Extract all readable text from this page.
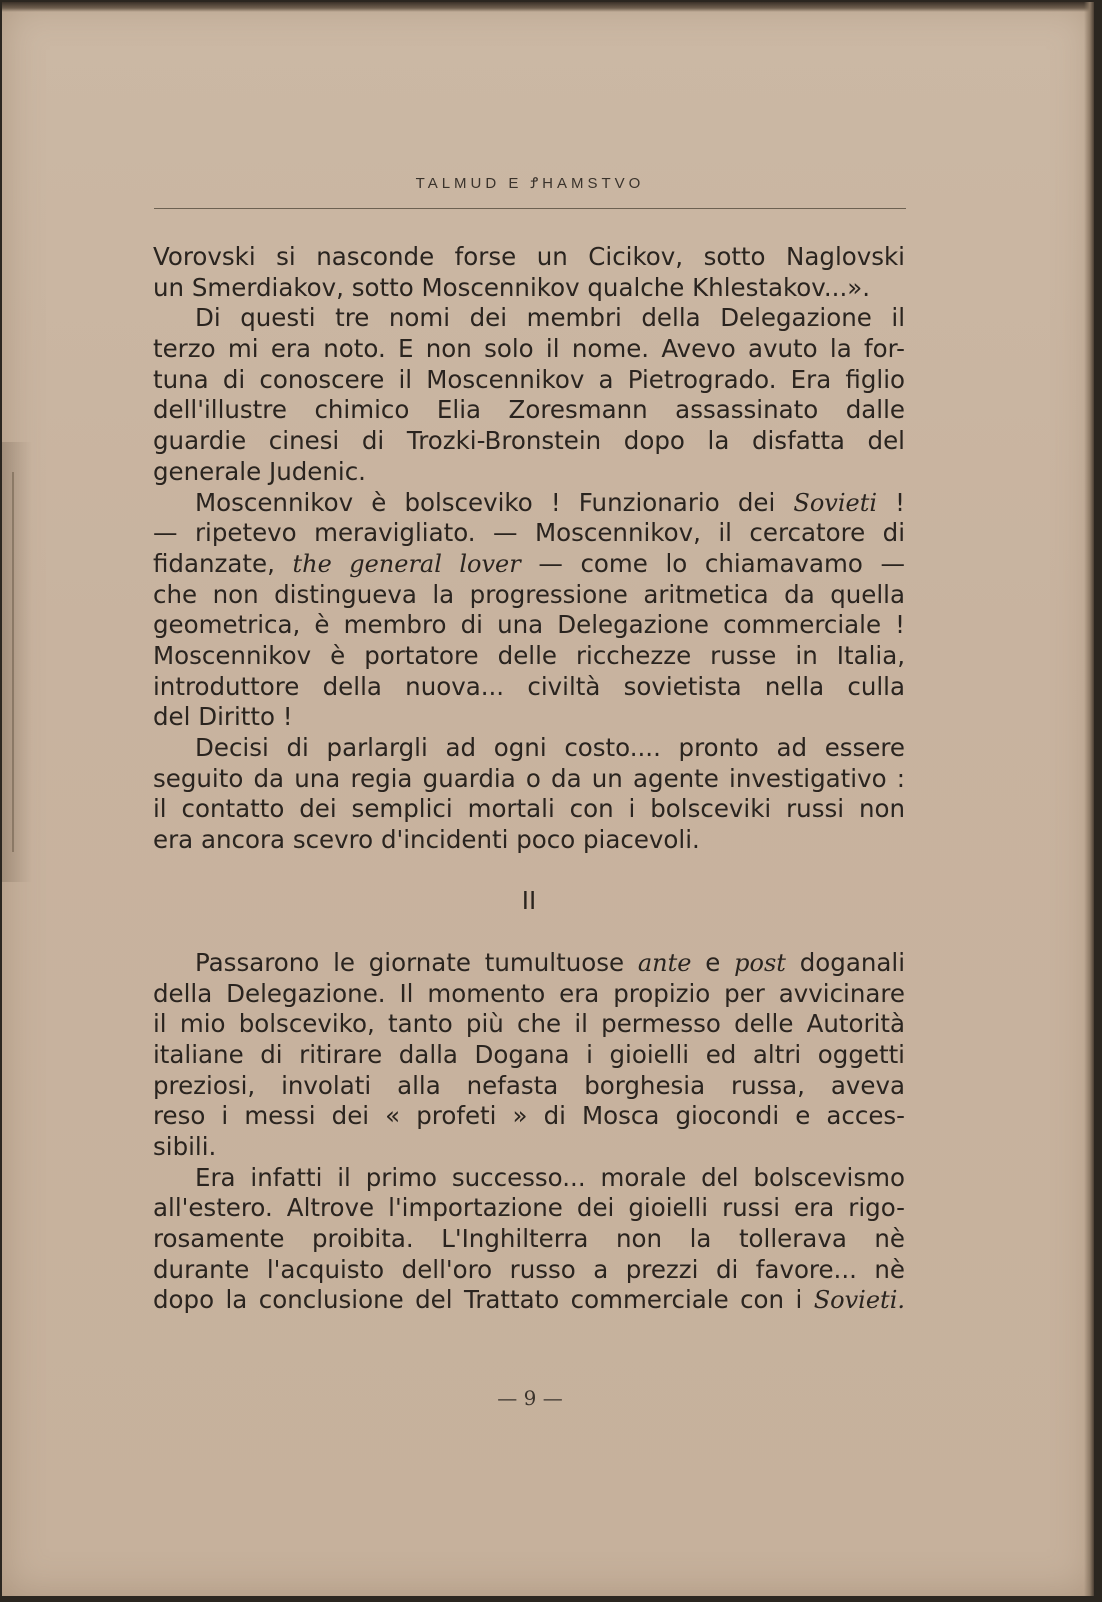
TALMUD E ꝬHAMSTVO
Vorovski si nasconde forse un Cicikov, sotto Naglovski
un Smerdiakov, sotto Moscennikov qualche Khlestakov...».
Di questi tre nomi dei membri della Delegazione il
terzo mi era noto. E non solo il nome. Avevo avuto la for-
tuna di conoscere il Moscennikov a Pietrogrado. Era figlio
dell'illustre chimico Elia Zoresmann assassinato dalle
guardie cinesi di Trozki-Bronstein dopo la disfatta del
generale Judenic.
Moscennikov è bolsceviko ! Funzionario dei Sovieti !
— ripetevo meravigliato. — Moscennikov, il cercatore di
fidanzate, the general lover — come lo chiamavamo —
che non distingueva la progressione aritmetica da quella
geometrica, è membro di una Delegazione commerciale !
Moscennikov è portatore delle ricchezze russe in Italia,
introduttore della nuova... civiltà sovietista nella culla
del Diritto !
Decisi di parlargli ad ogni costo.... pronto ad essere
seguito da una regia guardia o da un agente investigativo :
il contatto dei semplici mortali con i bolsceviki russi non
era ancora scevro d'incidenti poco piacevoli.
II
Passarono le giornate tumultuose ante e post doganali
della Delegazione. Il momento era propizio per avvicinare
il mio bolsceviko, tanto più che il permesso delle Autorità
italiane di ritirare dalla Dogana i gioielli ed altri oggetti
preziosi, involati alla nefasta borghesia russa, aveva
reso i messi dei « profeti » di Mosca giocondi e acces-
sibili.
Era infatti il primo successo... morale del bolscevismo
all'estero. Altrove l'importazione dei gioielli russi era rigo-
rosamente proibita. L'Inghilterra non la tollerava nè
durante l'acquisto dell'oro russo a prezzi di favore... nè
dopo la conclusione del Trattato commerciale con i Sovieti.
— 9 —
